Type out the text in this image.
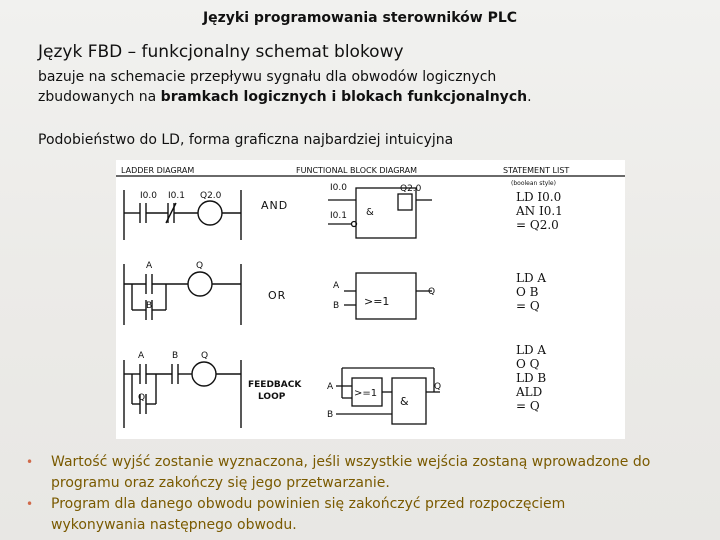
Języki programowania sterowników PLC
Język FBD – funkcjonalny schemat blokowy
bazuje na schemacie przepływu sygnału dla obwodów logicznych
zbudowanych na bramkach logicznych i blokach funkcjonalnych.
Podobieństwo do LD, forma graficzna najbardziej intuicyjna
LADDER DIAGRAM	FUNCTIONAL BLOCK DIAGRAM	STATEMENT LIST
(boolean style)
I0.0 I0.1 Q2.0
AND
I0.0
I0.1
Q2.0
&
LD I0.0
AN I0.1
= Q2.0
A	Q
B
OR
A
B
Q
>=1
LD A
O B
= Q
A	B	Q
Q
FEEDBACK
LOOP
A
B
Q
>=1
&
LD A
O Q
LD B
ALD
= Q
• Wartość wyjść zostanie wyznaczona, jeśli wszystkie wejścia zostaną wprowadzone do
programu oraz zakończy się jego przetwarzanie.
• Program dla danego obwodu powinien się zakończyć przed rozpoczęciem
wykonywania następnego obwodu.
